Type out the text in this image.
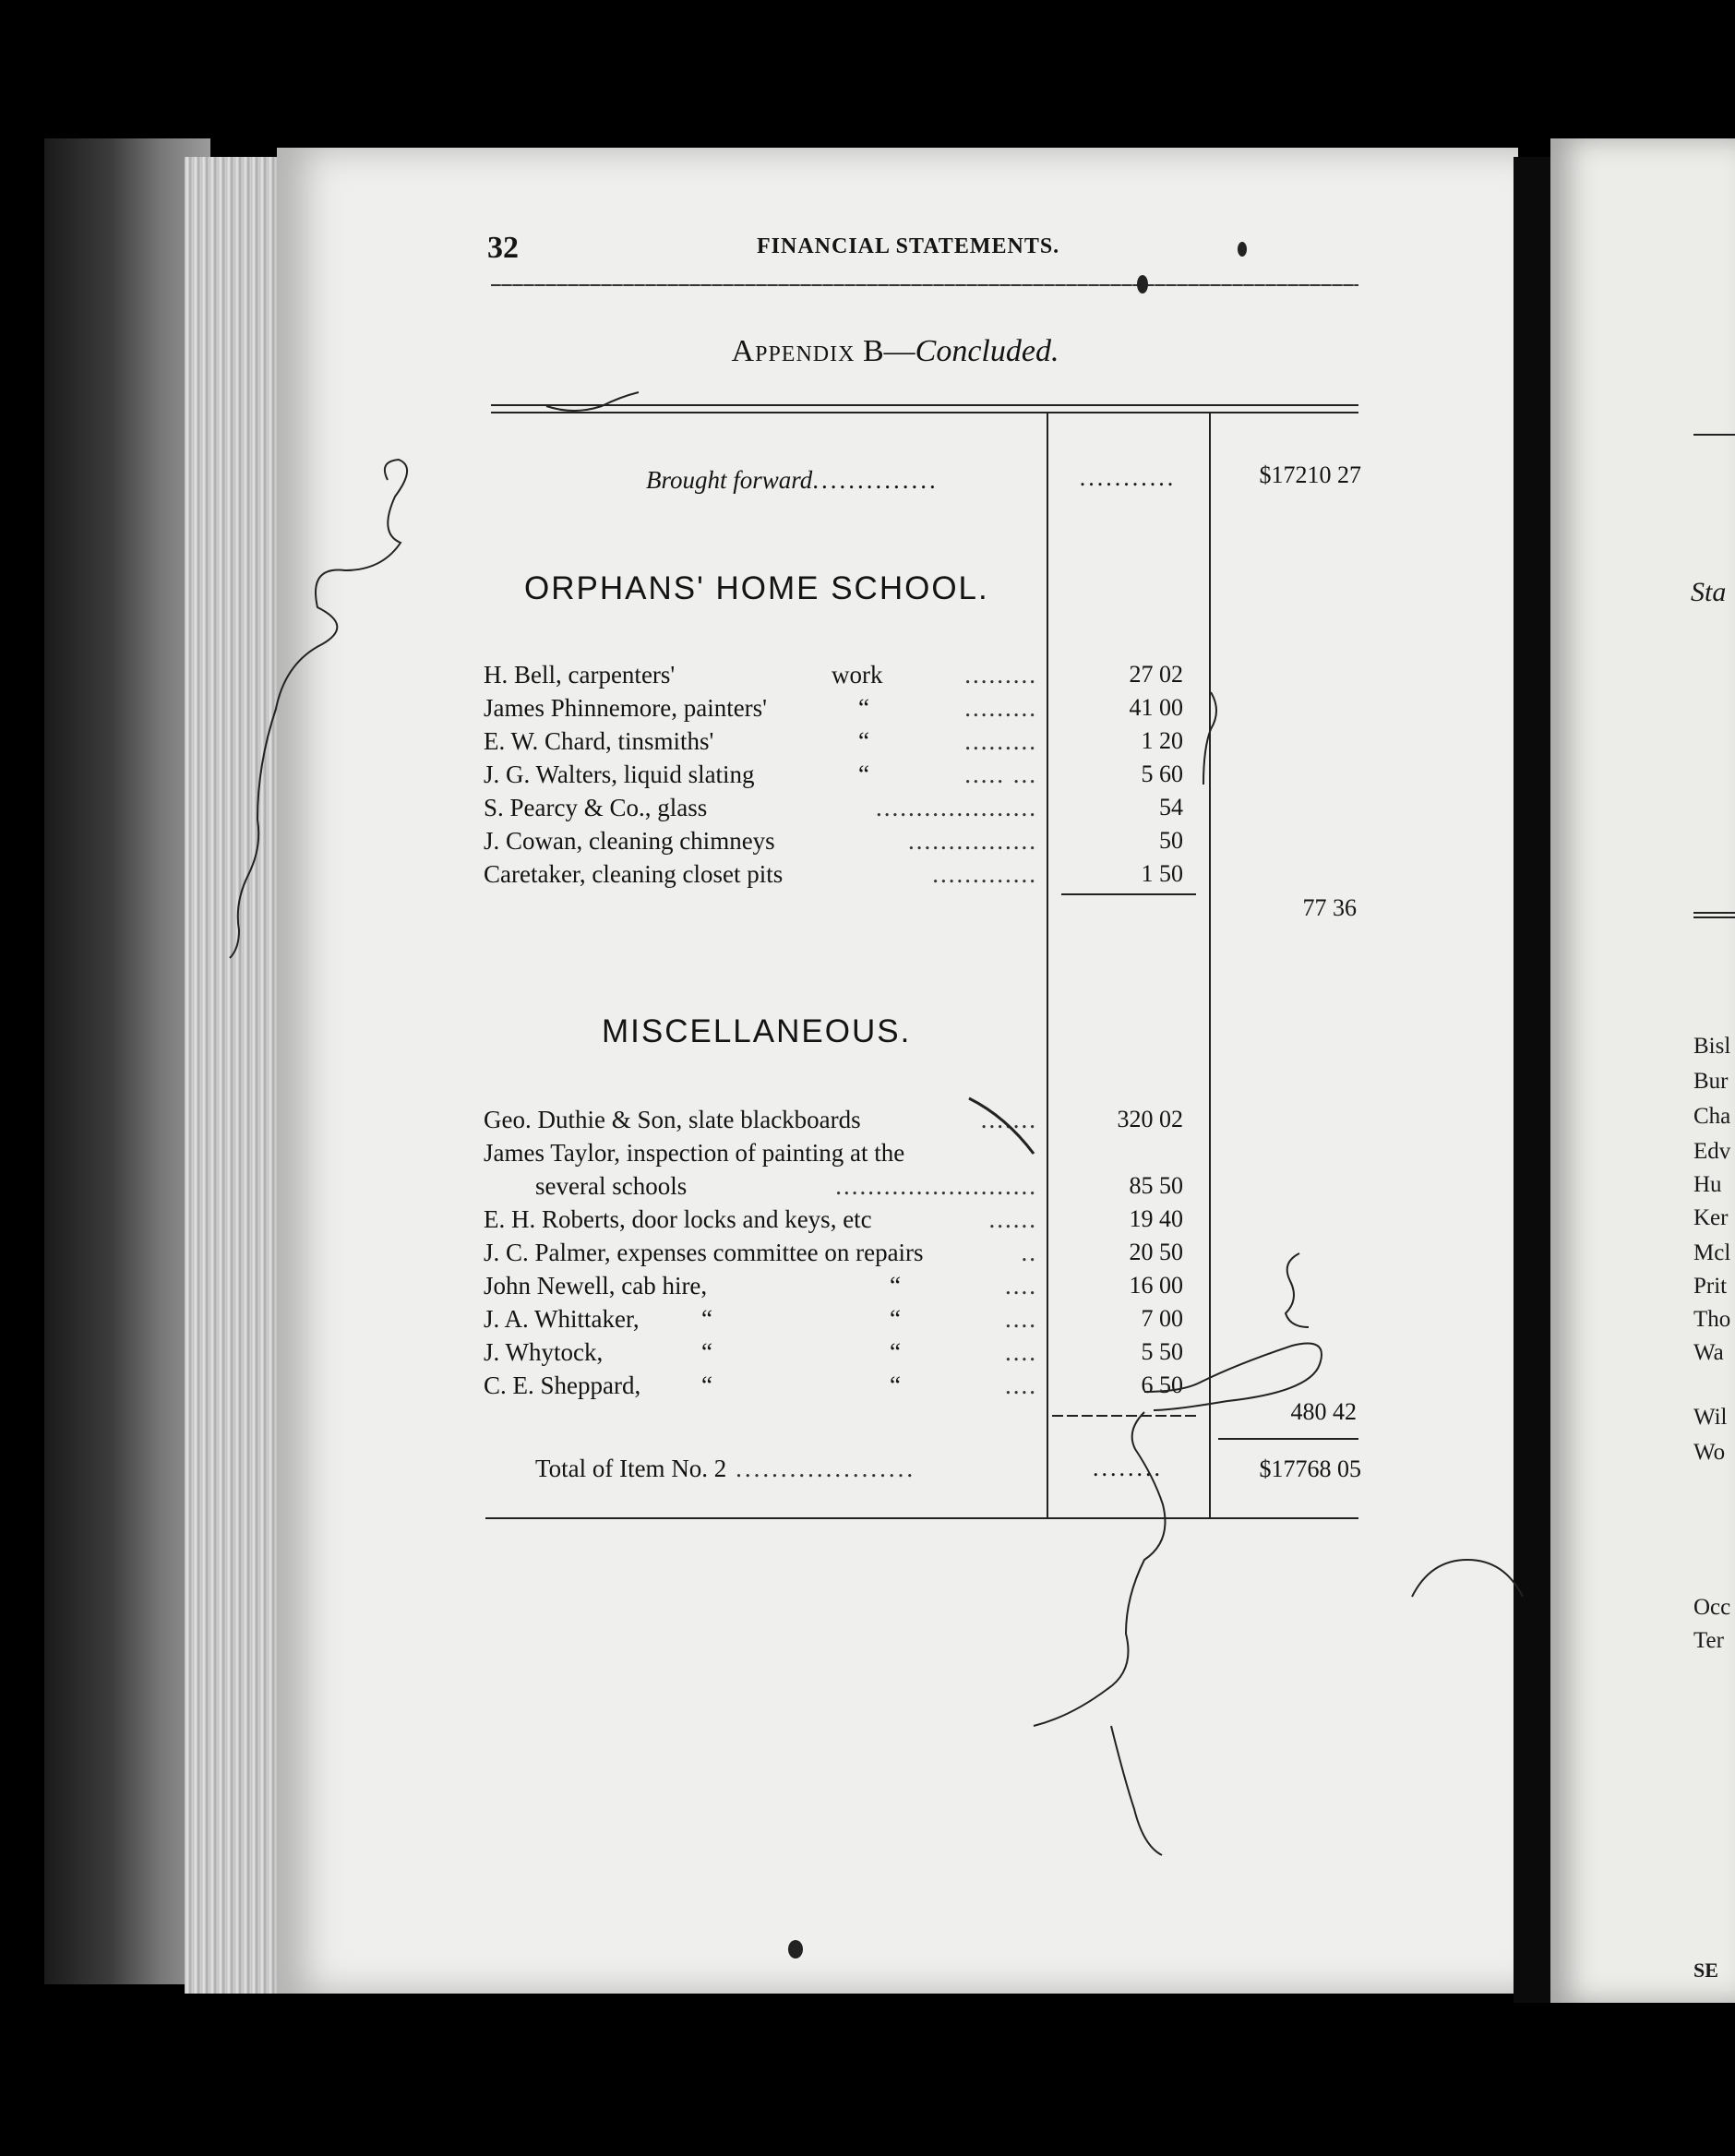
Sta
Bisl
Bur
Cha
Edv
Hu
Ker
Mcl
Prit
Tho
Wa
Wil
Wo
Occ
Ter
SE
32	FINANCIAL STATEMENTS.
Appendix B—Concluded.
Brought forward..............	...........	$17210 27
ORPHANS' HOME SCHOOL.
H. Bell, carpenters'	work	.........	27 02
James Phinnemore, painters'	“	.........	41 00
E. W. Chard, tinsmiths'	“	.........	1 20
J. G. Walters, liquid slating	“	..... ...	5 60
S. Pearcy & Co., glass	....................	54
J. Cowan, cleaning chimneys	................	50
Caretaker, cleaning closet pits	.............	1 50
77 36
MISCELLANEOUS.
Geo. Duthie & Son, slate blackboards	.......	320 02
James Taylor, inspection of painting at the
several schools	.........................	85 50
E. H. Roberts, door locks and keys, etc	......	19 40
J. C. Palmer, expenses committee on repairs	..	20 50
John Newell, cab hire,	“	....	16 00
J. A. Whittaker, “	“	....	7 00
J. Whytock,	“	“	....	5 50
C. E. Sheppard, “	“	....	6 50
480 42
Total of Item No. 2 ....................	........	$17768 05
